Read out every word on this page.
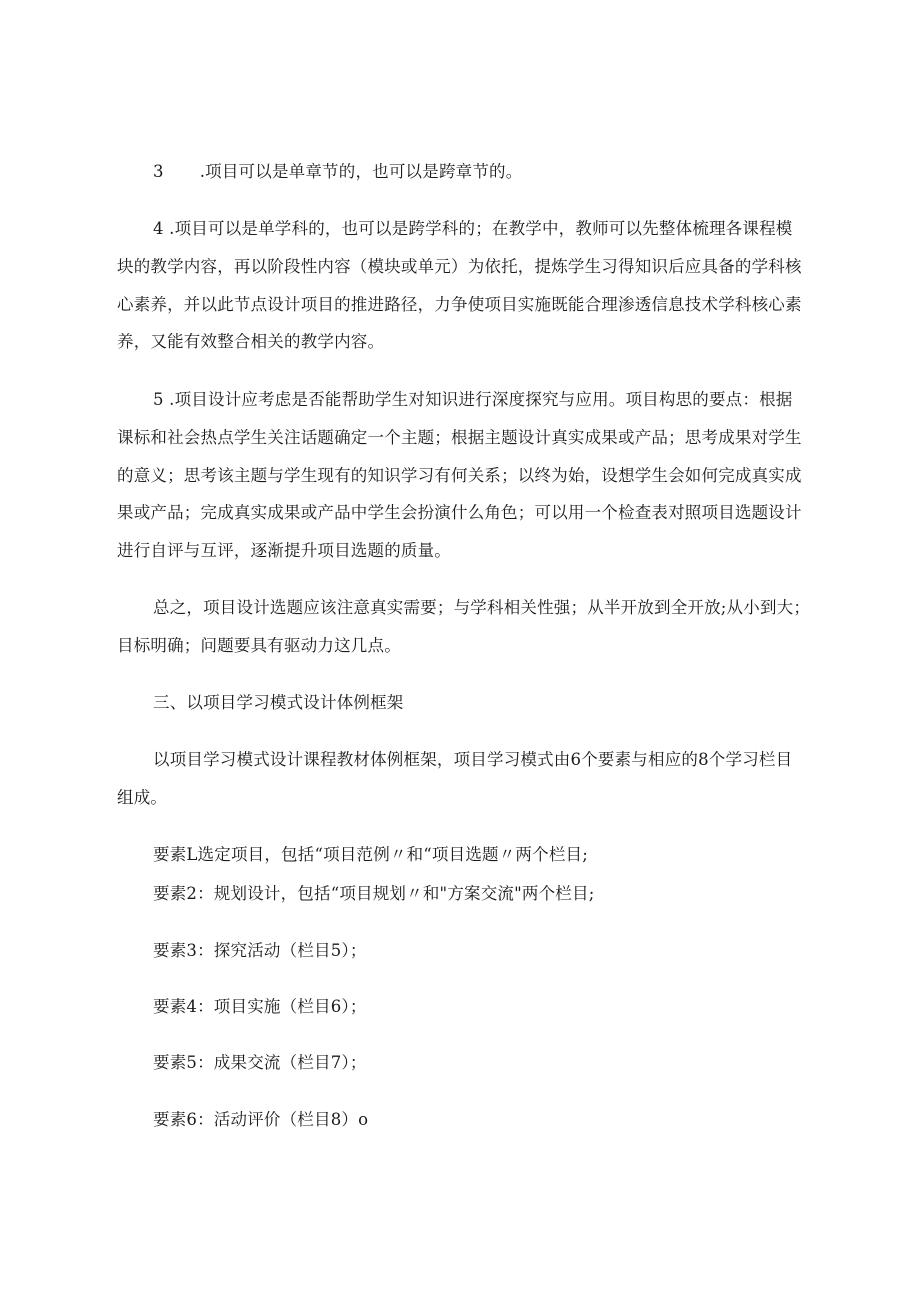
3 .项目可以是单章节的，也可以是跨章节的。
4 .项目可以是单学科的，也可以是跨学科的；在教学中，教师可以先整体梳理各课程模
块的教学内容，再以阶段性内容（模块或单元）为依托，提炼学生习得知识后应具备的学科核
心素养，并以此节点设计项目的推进路径，力争使项目实施既能合理渗透信息技术学科核心素
养，又能有效整合相关的教学内容。
5 .项目设计应考虑是否能帮助学生对知识进行深度探究与应用。项目构思的要点：根据
课标和社会热点学生关注话题确定一个主题；根据主题设计真实成果或产品；思考成果对学生
的意义；思考该主题与学生现有的知识学习有何关系；以终为始，设想学生会如何完成真实成
果或产品；完成真实成果或产品中学生会扮演什么角色；可以用一个检查表对照项目选题设计
进行自评与互评，逐渐提升项目选题的质量。
总之，项目设计选题应该注意真实需要；与学科相关性强；从半开放到全开放;从小到大；
目标明确；问题要具有驱动力这几点。
三、以项目学习模式设计体例框架
以项目学习模式设计课程教材体例框架，项目学习模式由6个要素与相应的8个学习栏目
组成。
要素L选定项目，包括“项目范例〃和“项目选题〃两个栏目;
要素2：规划设计，包括“项目规划〃和"方案交流"两个栏目;
要素3：探究活动（栏目5）；
要素4：项目实施（栏目6）；
要素5：成果交流（栏目7）；
要素6：活动评价（栏目8）o
